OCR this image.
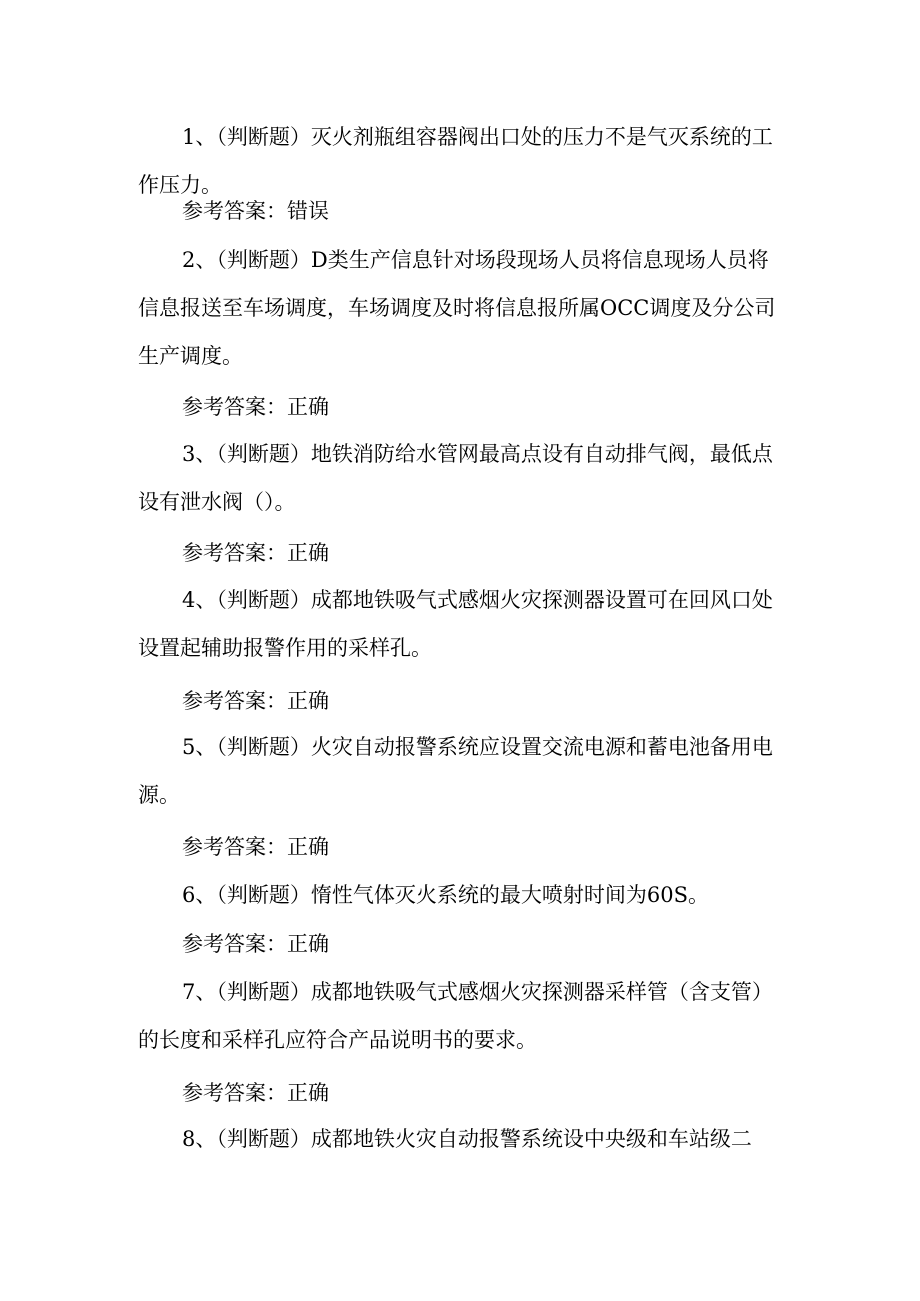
1、（判断题）灭火剂瓶组容器阀出口处的压力不是气灭系统的工作压力。

参考答案：错误

2、（判断题）D类生产信息针对场段现场人员将信息现场人员将信息报送至车场调度，车场调度及时将信息报所属OCC调度及分公司生产调度。

参考答案：正确

3、（判断题）地铁消防给水管网最高点设有自动排气阀，最低点设有泄水阀（）。

参考答案：正确

4、（判断题）成都地铁吸气式感烟火灾探测器设置可在回风口处设置起辅助报警作用的采样孔。

参考答案：正确

5、（判断题）火灾自动报警系统应设置交流电源和蓄电池备用电源。

参考答案：正确

6、（判断题）惰性气体灭火系统的最大喷射时间为60S。

参考答案：正确

7、（判断题）成都地铁吸气式感烟火灾探测器采样管（含支管）的长度和采样孔应符合产品说明书的要求。

参考答案：正确

8、（判断题）成都地铁火灾自动报警系统设中央级和车站级二
